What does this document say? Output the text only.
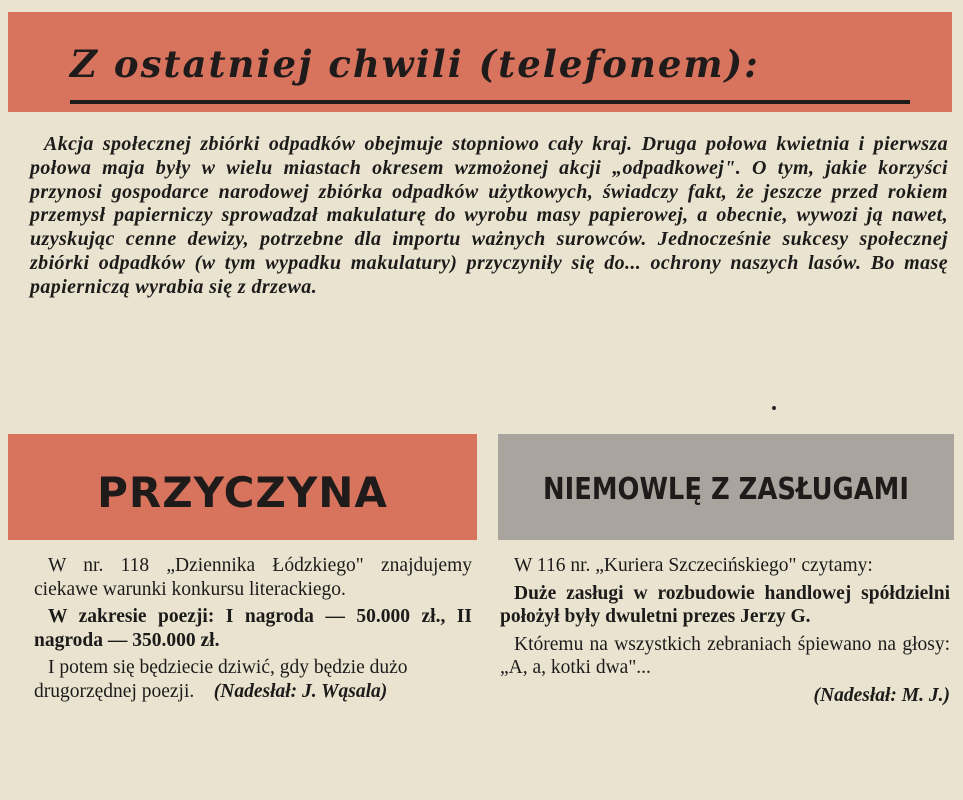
Z ostatniej chwili (telefonem):
Akcja społecznej zbiórki odpadków obejmuje stopniowo cały kraj. Druga połowa kwietnia i pierwsza połowa maja były w wielu miastach okresem wzmożonej akcji „odpadkowej". O tym, jakie korzyści przynosi gospodarce narodowej zbiórka odpadków użytkowych, świadczy fakt, że jeszcze przed rokiem przemysł papierniczy sprowadzał makulaturę do wyrobu masy papierowej, a obecnie, wywozi ją nawet, uzyskując cenne dewizy, potrzebne dla importu ważnych surowców. Jednocześnie sukcesy społecznej zbiórki odpadków (w tym wypadku makulatury) przyczyniły się do... ochrony naszych lasów. Bo masę papierniczą wyrabia się z drzewa.
PRZYCZYNA	NIEMOWLĘ Z ZASŁUGAMI

W nr. 118 „Dziennika Łódzkiego" znajdujemy ciekawe warunki konkursu literackiego.

W zakresie poezji: I nagroda — 50.000 zł., II nagroda — 350.000 zł.

I potem się będziecie dziwić, gdy będzie dużo drugorzędnej poezji. (Nadesłał: J. Wąsala)

W 116 nr. „Kuriera Szczecińskiego" czytamy:

Duże zasługi w rozbudowie handlowej spółdzielni położył były dwuletni prezes Jerzy G.

Któremu na wszystkich zebraniach śpiewano na głosy: „A, a, kotki dwa"...

(Nadesłał: M. J.)
